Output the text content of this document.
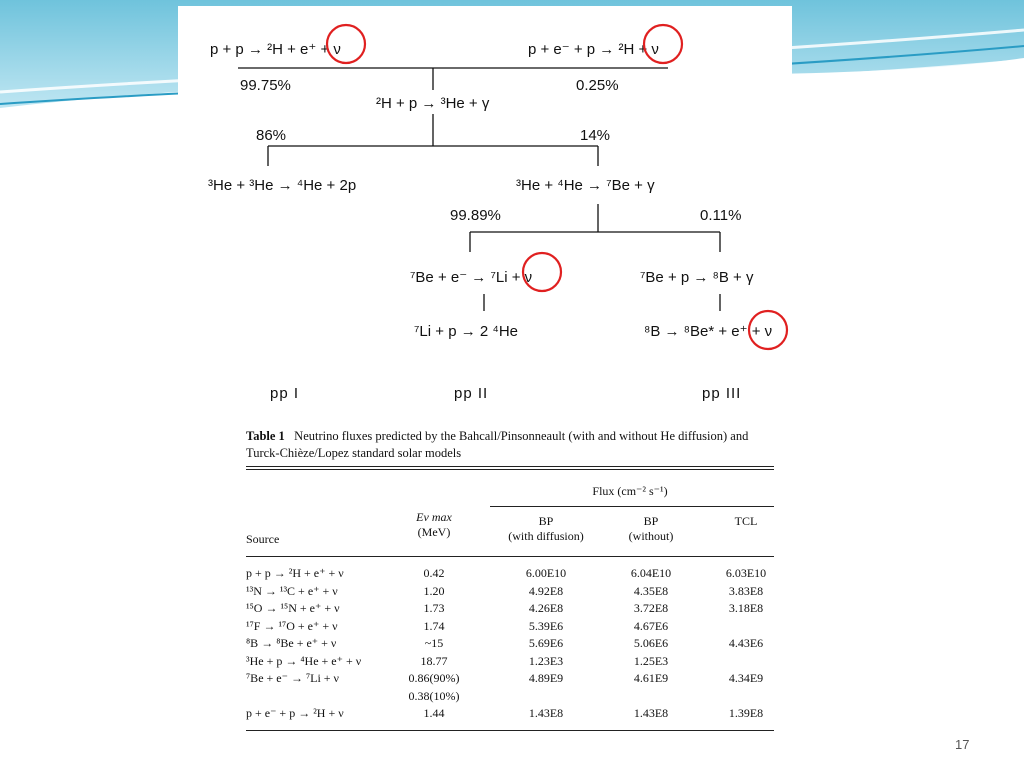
p + p → ²H + e⁺ + ν	p + e⁻ + p → ²H + ν
99.75%	0.25%
²H + p → ³He + γ
86%	14%
³He + ³He → ⁴He + 2p	³He + ⁴He → ⁷Be + γ
99.89%	0.11%
⁷Be + e⁻ → ⁷Li + ν	⁷Be + p → ⁸B + γ
⁷Li + p → 2 ⁴He	⁸B → ⁸Be* + e⁺ + ν
pp I	pp II	pp III
Table 1 Neutrino fluxes predicted by the Bahcall/Pinsonneault (with and without He diffusion) and Turck-Chièze/Lopez standard solar models
Flux (cm⁻² s⁻¹)
Source
Eν max
(MeV)
BP
(with diffusion)
BP
(without)
TCL
p + p → ²H + e⁺ + ν	0.42	6.00E10	6.04E10	6.03E10
¹³N → ¹³C + e⁺ + ν	1.20	4.92E8	4.35E8	3.83E8
¹⁵O → ¹⁵N + e⁺ + ν	1.73	4.26E8	3.72E8	3.18E8
¹⁷F → ¹⁷O + e⁺ + ν	1.74	5.39E6	4.67E6
⁸B → ⁸Be + e⁺ + ν	~15	5.69E6	5.06E6	4.43E6
³He + p → ⁴He + e⁺ + ν	18.77	1.23E3	1.25E3
⁷Be + e⁻ → ⁷Li + ν	0.86(90%)	4.89E9	4.61E9	4.34E9
0.38(10%)
p + e⁻ + p → ²H + ν	1.44	1.43E8	1.43E8	1.39E8
17
